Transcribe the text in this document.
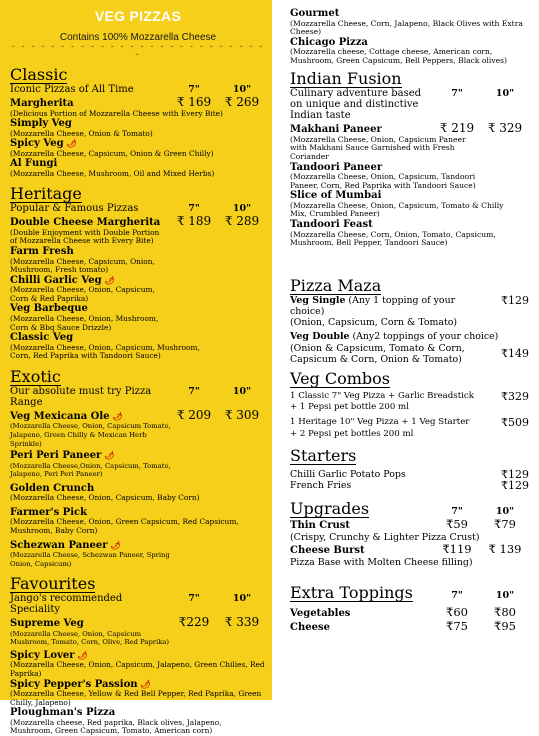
VEG PIZZAS
Contains 100% Mozzarella Cheese
- - - - - - - - - - - - - - - - - - - - - - - - - - -
Classic
Iconic Pizzas of All Time	7"	10"
Margherita	₹ 169	₹ 269
(Delicious Portion of Mozzarella Cheese with Every Bite)
Simply Veg
(Mozzarella Cheese, Onion & Tomato)
Spicy Veg 🌶
(Mozzarella Cheese, Capsicum, Onion & Green Chilly)
Al Fungi
(Mozzarella Cheese, Mushroom, Oil and Mixed Herbs)
Heritage
Popular & Famous Pizzas	7"	10"
Double Cheese Margherita	₹ 189	₹ 289
(Double Enjoyment with Double Portion of Mozzarella Cheese with Every Bite)
Farm Fresh
(Mozzarella Cheese, Capsicum, Onion, Mushroom, Fresh tomato)
Chilli Garlic Veg 🌶
(Mozzarella Cheese, Onion, Capsicum, Corn & Red Paprika)
Veg Barbeque
(Mozzarella Cheese, Onion, Mushroom, Corn & Bbq Sauce Drizzle)
Classic Veg
(Mozzarella Cheese, Onion, Capsicum, Mushroom, Corn, Red Paprika with Tandoori Sauce)
Exotic
Our absolute must try Pizza Range
7"	10"
Veg Mexicana Ole 🌶	₹ 209	₹ 309
(Mozzarella Cheese, Onion, Capsicum Tomato, Jalapeno, Green Chilly & Mexican Herb Sprinkle)
Peri Peri Paneer 🌶
(Mozzarella Cheese,Onion, Capsicum, Tomato, Jalapeno, Peri Peri Paneer)
Golden Crunch
(Mozzarella Cheese, Onion, Capsicum, Baby Corn)
Farmer's Pick
(Mozzarella Cheese, Onion, Green Capsicum, Red Capsicum, Mushroom, Baby Corn)
Schezwan Paneer 🌶
(Mozzarella Cheese, Schezwan Paneer, Spring Onion, Capsicum)
Favourites
Jango's recommended Speciality
7"	10"
Supreme Veg	₹229	₹ 339
(Mozzarella Cheese, Onion, Capsicum Mushroom, Tomato, Corn, Olive, Red Paprika)
Spicy Lover 🌶
(Mozzarella Cheese, Onion, Capsicum, Jalapeno, Green Chilies, Red Paprika)
Spicy Pepper's Passion 🌶
(Mozzarella Cheese, Yellow & Red Bell Pepper, Red Paprika, Green Chilly, Jalapeno)
Ploughman's Pizza
(Mozzarella cheese, Red paprika, Black olives, Jalapeno, Mushroom, Green Capsicum, Tomato, American corn)
Gourmet
(Mozzarella Cheese, Corn, Jalapeno, Black Olives with Extra Cheese)
Chicago Pizza
(Mozzarella cheese, Cottage cheese, American corn, Mushroom, Green Capsicum, Bell Peppers, Black olives)
Indian Fusion
Culinary adventure based on unique and distinctive Indian taste
7"	10"
Makhani Paneer	₹ 219	₹ 329
(Mozzarella Cheese, Onion, Capsicum Paneer with Makhani Sauce Garnished with Fresh Coriander
Tandoori Paneer
(Mozzarella Cheese, Onion, Capsicum, Tandoori Paneer, Corn, Red Paprika with Tandoori Sauce)
Slice of Mumbai
(Mozzarella Cheese, Onion, Capsicum, Tomato & Chilly Mix, Crumbled Paneer)
Tandoori Feast
(Mozzarella Cheese, Corn, Onion, Tomato, Capsicum, Mushroom, Bell Pepper, Tandoori Sauce)
Pizza Maza
Veg Single (Any 1 topping of your choice)
₹129
(Onion, Capsicum, Corn & Tomato)
Veg Double (Any2 toppings of your choice)
(Onion & Capsicum, Tomato & Corn, Capsicum & Corn, Onion & Tomato)	₹149
Veg Combos
1 Classic 7" Veg Pizza + Garlic Breadstick + 1 Pepsi pet bottle 200 ml
₹329
1 Heritage 10" Veg Pizza + 1 Veg Starter + 2 Pepsi pet bottles 200 ml
₹509
Starters
Chilli Garlic Potato Pops	₹129
French Fries	₹129
Upgrades	7"	10"
Thin Crust	₹59	₹79
(Crispy, Crunchy & Lighter Pizza Crust)
Cheese Burst	₹119	₹ 139
Pizza Base with Molten Cheese filling)
Extra Toppings	7"	10"
Vegetables	₹60	₹80
Cheese	₹75	₹95
